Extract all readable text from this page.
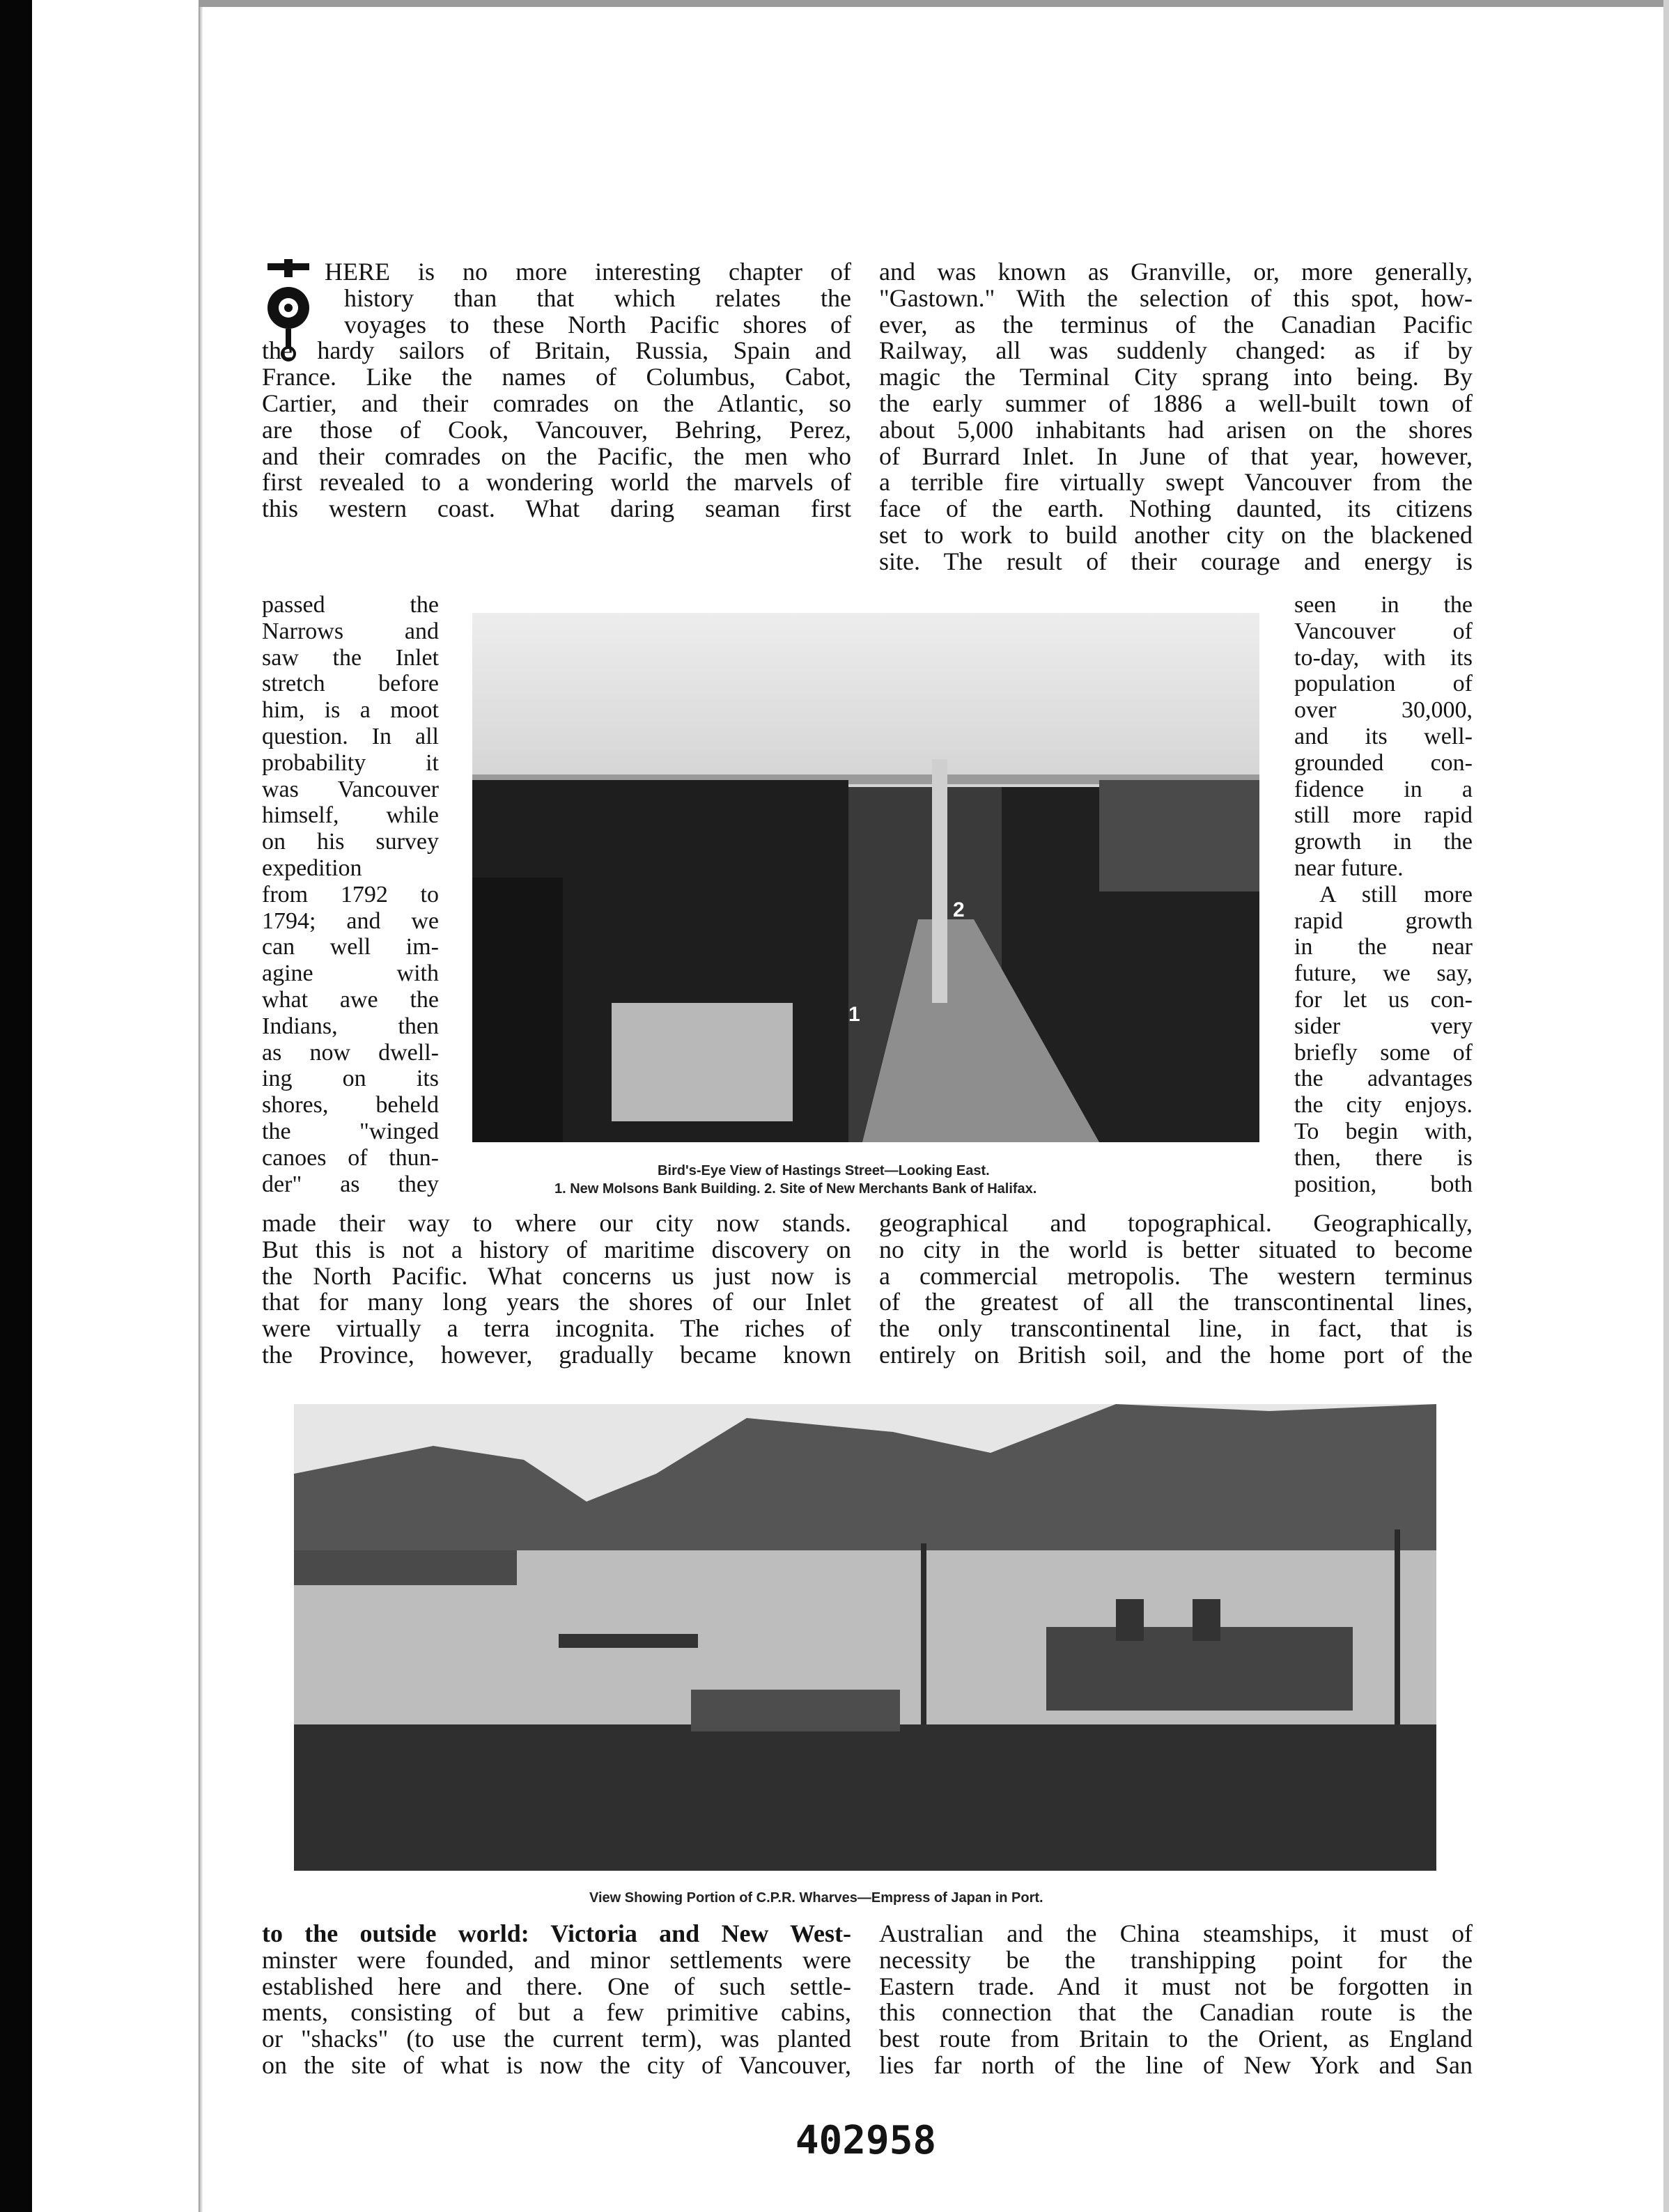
HERE is no more interesting chapter of
history than that which relates the
voyages to these North Pacific shores of
the hardy sailors of Britain, Russia, Spain and
France. Like the names of Columbus, Cabot,
Cartier, and their comrades on the Atlantic, so
are those of Cook, Vancouver, Behring, Perez,
and their comrades on the Pacific, the men who
first revealed to a wondering world the marvels of
this western coast. What daring seaman first
passed the
Narrows and
saw the Inlet
stretch before
him, is a moot
question. In all
probability it
was Vancouver
himself, while
on his survey
expedition
from 1792 to
1794; and we
can well im-
agine with
what awe the
Indians, then
as now dwell-
ing on its
shores, beheld
the "winged
canoes of thun-
der" as they
made their way to where our city now stands.
But this is not a history of maritime discovery on
the North Pacific. What concerns us just now is
that for many long years the shores of our Inlet
were virtually a terra incognita. The riches of
the Province, however, gradually became known
and was known as Granville, or, more generally,
"Gastown." With the selection of this spot, how-
ever, as the terminus of the Canadian Pacific
Railway, all was suddenly changed: as if by
magic the Terminal City sprang into being. By
the early summer of 1886 a well-built town of
about 5,000 inhabitants had arisen on the shores
of Burrard Inlet. In June of that year, however,
a terrible fire virtually swept Vancouver from the
face of the earth. Nothing daunted, its citizens
set to work to build another city on the blackened
site. The result of their courage and energy is
seen in the
Vancouver of
to-day, with its
population of
over 30,000,
and its well-
grounded con-
fidence in a
still more rapid
growth in the
near future.
A still more
rapid growth
in the near
future, we say,
for let us con-
sider very
briefly some of
the advantages
the city enjoys.
To begin with,
then, there is
position, both
geographical and topographical. Geographically,
no city in the world is better situated to become
a commercial metropolis. The western terminus
of the greatest of all the transcontinental lines,
the only transcontinental line, in fact, that is
entirely on British soil, and the home port of the
1
2
Bird's-Eye View of Hastings Street—Looking East.
1. New Molsons Bank Building. 2. Site of New Merchants Bank of Halifax.
View Showing Portion of C.P.R. Wharves—Empress of Japan in Port.
to the outside world: Victoria and New West-
minster were founded, and minor settlements were
established here and there. One of such settle-
ments, consisting of but a few primitive cabins,
or "shacks" (to use the current term), was planted
on the site of what is now the city of Vancouver,
Australian and the China steamships, it must of
necessity be the transhipping point for the
Eastern trade. And it must not be forgotten in
this connection that the Canadian route is the
best route from Britain to the Orient, as England
lies far north of the line of New York and San
402958
